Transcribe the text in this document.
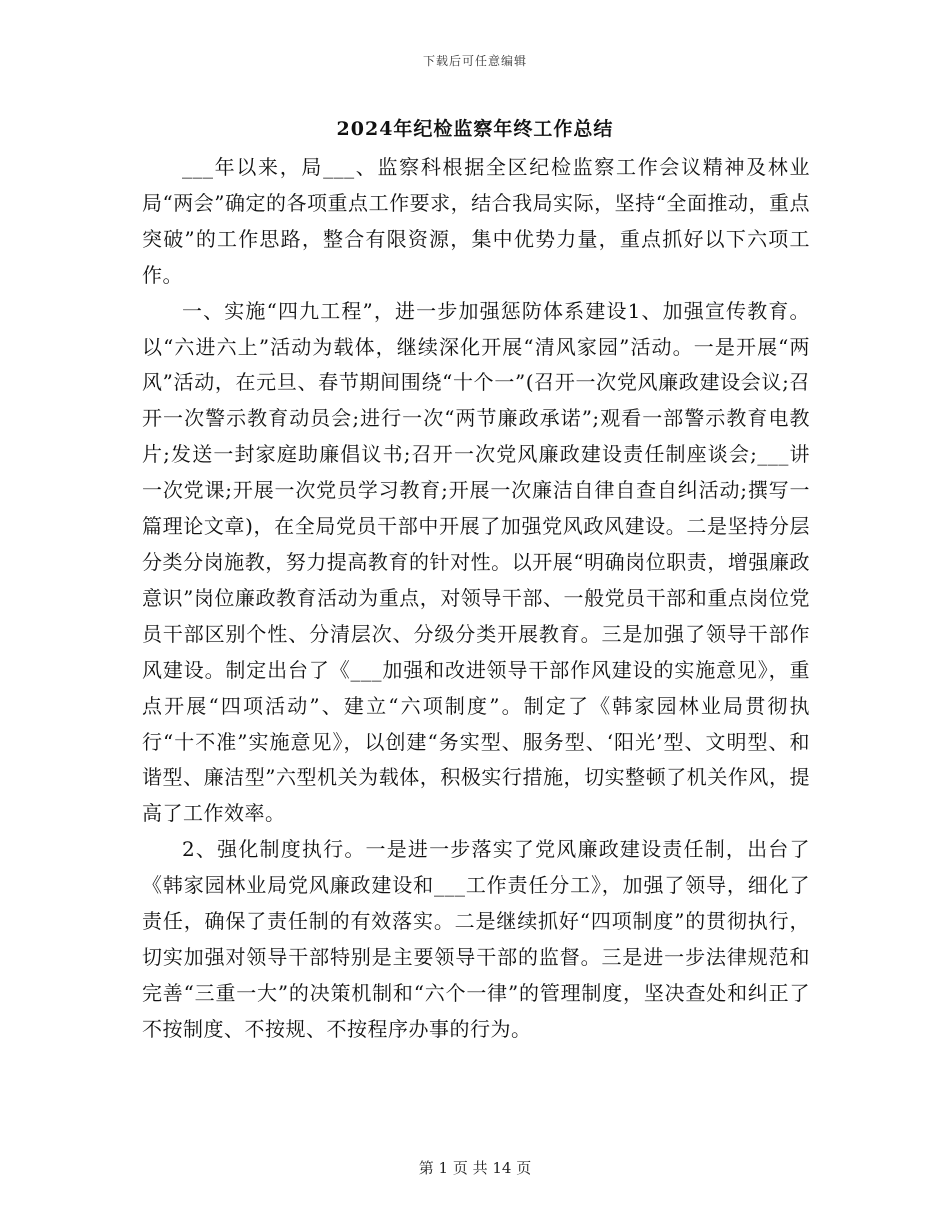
下载后可任意编辑
2024年纪检监察年终工作总结

___年以来，局___、监察科根据全区纪检监察工作会议精神及林业局“两会”确定的各项重点工作要求，结合我局实际，坚持“全面推动，重点突破”的工作思路，整合有限资源，集中优势力量，重点抓好以下六项工作。

一、实施“四九工程”，进一步加强惩防体系建设1、加强宣传教育。以“六进六上”活动为载体，继续深化开展“清风家园”活动。一是开展“两风”活动，在元旦、春节期间围绕“十个一”(召开一次党风廉政建设会议;召开一次警示教育动员会;进行一次“两节廉政承诺”;观看一部警示教育电教片;发送一封家庭助廉倡议书;召开一次党风廉政建设责任制座谈会;___讲一次党课;开展一次党员学习教育;开展一次廉洁自律自查自纠活动;撰写一篇理论文章)，在全局党员干部中开展了加强党风政风建设。二是坚持分层分类分岗施教，努力提高教育的针对性。以开展“明确岗位职责，增强廉政意识”岗位廉政教育活动为重点，对领导干部、一般党员干部和重点岗位党员干部区别个性、分清层次、分级分类开展教育。三是加强了领导干部作风建设。制定出台了《___加强和改进领导干部作风建设的实施意见》，重点开展“四项活动”、建立“六项制度”。制定了《韩家园林业局贯彻执行“十不准”实施意见》，以创建“务实型、服务型、‘阳光’型、文明型、和谐型、廉洁型”六型机关为载体，积极实行措施，切实整顿了机关作风，提高了工作效率。

2、强化制度执行。一是进一步落实了党风廉政建设责任制，出台了《韩家园林业局党风廉政建设和___工作责任分工》，加强了领导，细化了责任，确保了责任制的有效落实。二是继续抓好“四项制度”的贯彻执行，切实加强对领导干部特别是主要领导干部的监督。三是进一步法律规范和完善“三重一大”的决策机制和“六个一律”的管理制度，坚决查处和纠正了不按制度、不按规、不按程序办事的行为。

第 1 页 共 14 页
